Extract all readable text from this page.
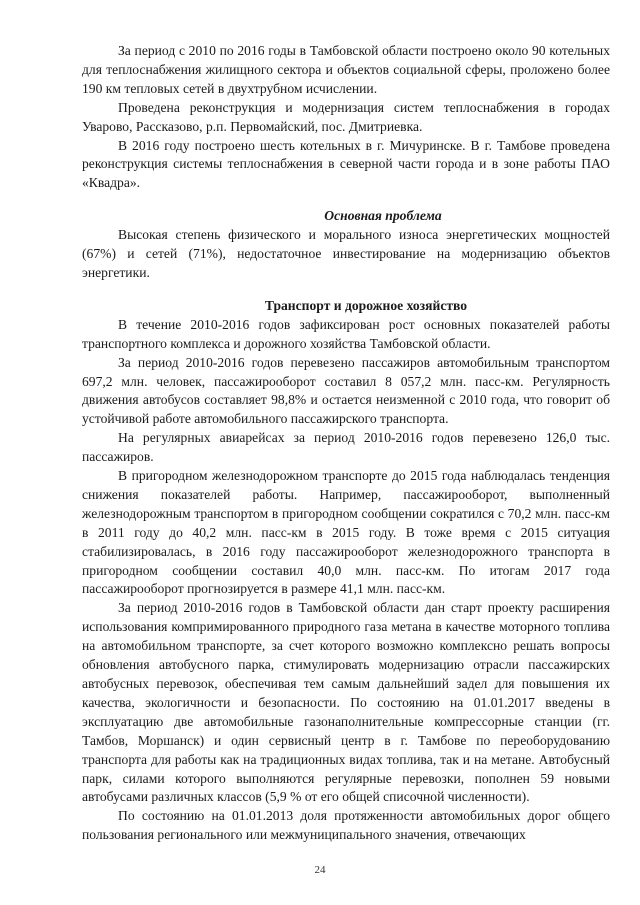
За период с 2010 по 2016 годы в Тамбовской области построено около 90 котельных для теплоснабжения жилищного сектора и объектов социальной сферы, проложено более 190 км тепловых сетей в двухтрубном исчислении.

Проведена реконструкция и модернизация систем теплоснабжения в городах Уварово, Рассказово, р.п. Первомайский, пос. Дмитриевка.

В 2016 году построено шесть котельных в г. Мичуринске. В г. Тамбове проведена реконструкция системы теплоснабжения в северной части города и в зоне работы ПАО «Квадра».

Основная проблема

Высокая степень физического и морального износа энергетических мощностей (67%) и сетей (71%), недостаточное инвестирование на модернизацию объектов энергетики.

Транспорт и дорожное хозяйство

В течение 2010-2016 годов зафиксирован рост основных показателей работы транспортного комплекса и дорожного хозяйства Тамбовской области.

За период 2010-2016 годов перевезено пассажиров автомобильным транспортом 697,2 млн. человек, пассажирооборот составил 8 057,2 млн. пасс-км. Регулярность движения автобусов составляет 98,8% и остается неизменной с 2010 года, что говорит об устойчивой работе автомобильного пассажирского транспорта.

На регулярных авиарейсах за период 2010-2016 годов перевезено 126,0 тыс. пассажиров.

В пригородном железнодорожном транспорте до 2015 года наблюдалась тенденция снижения показателей работы. Например, пассажирооборот, выполненный железнодорожным транспортом в пригородном сообщении сократился с 70,2 млн. пасс-км в 2011 году до 40,2 млн. пасс-км в 2015 году. В тоже время с 2015 ситуация стабилизировалась, в 2016 году пассажирооборот железнодорожного транспорта в пригородном сообщении составил 40,0 млн. пасс-км. По итогам 2017 года пассажирооборот прогнозируется в размере 41,1 млн. пасс-км.

За период 2010-2016 годов в Тамбовской области дан старт проекту расширения использования компримированного природного газа метана в качестве моторного топлива на автомобильном транспорте, за счет которого возможно комплексно решать вопросы обновления автобусного парка, стимулировать модернизацию отрасли пассажирских автобусных перевозок, обеспечивая тем самым дальнейший задел для повышения их качества, экологичности и безопасности. По состоянию на 01.01.2017 введены в эксплуатацию две автомобильные газонаполнительные компрессорные станции (гг. Тамбов, Моршанск) и один сервисный центр в г. Тамбове по переоборудованию транспорта для работы как на традиционных видах топлива, так и на метане. Автобусный парк, силами которого выполняются регулярные перевозки, пополнен 59 новыми автобусами различных классов (5,9 % от его общей списочной численности).

По состоянию на 01.01.2013 доля протяженности автомобильных дорог общего пользования регионального или межмуниципального значения, отвечающих

24
